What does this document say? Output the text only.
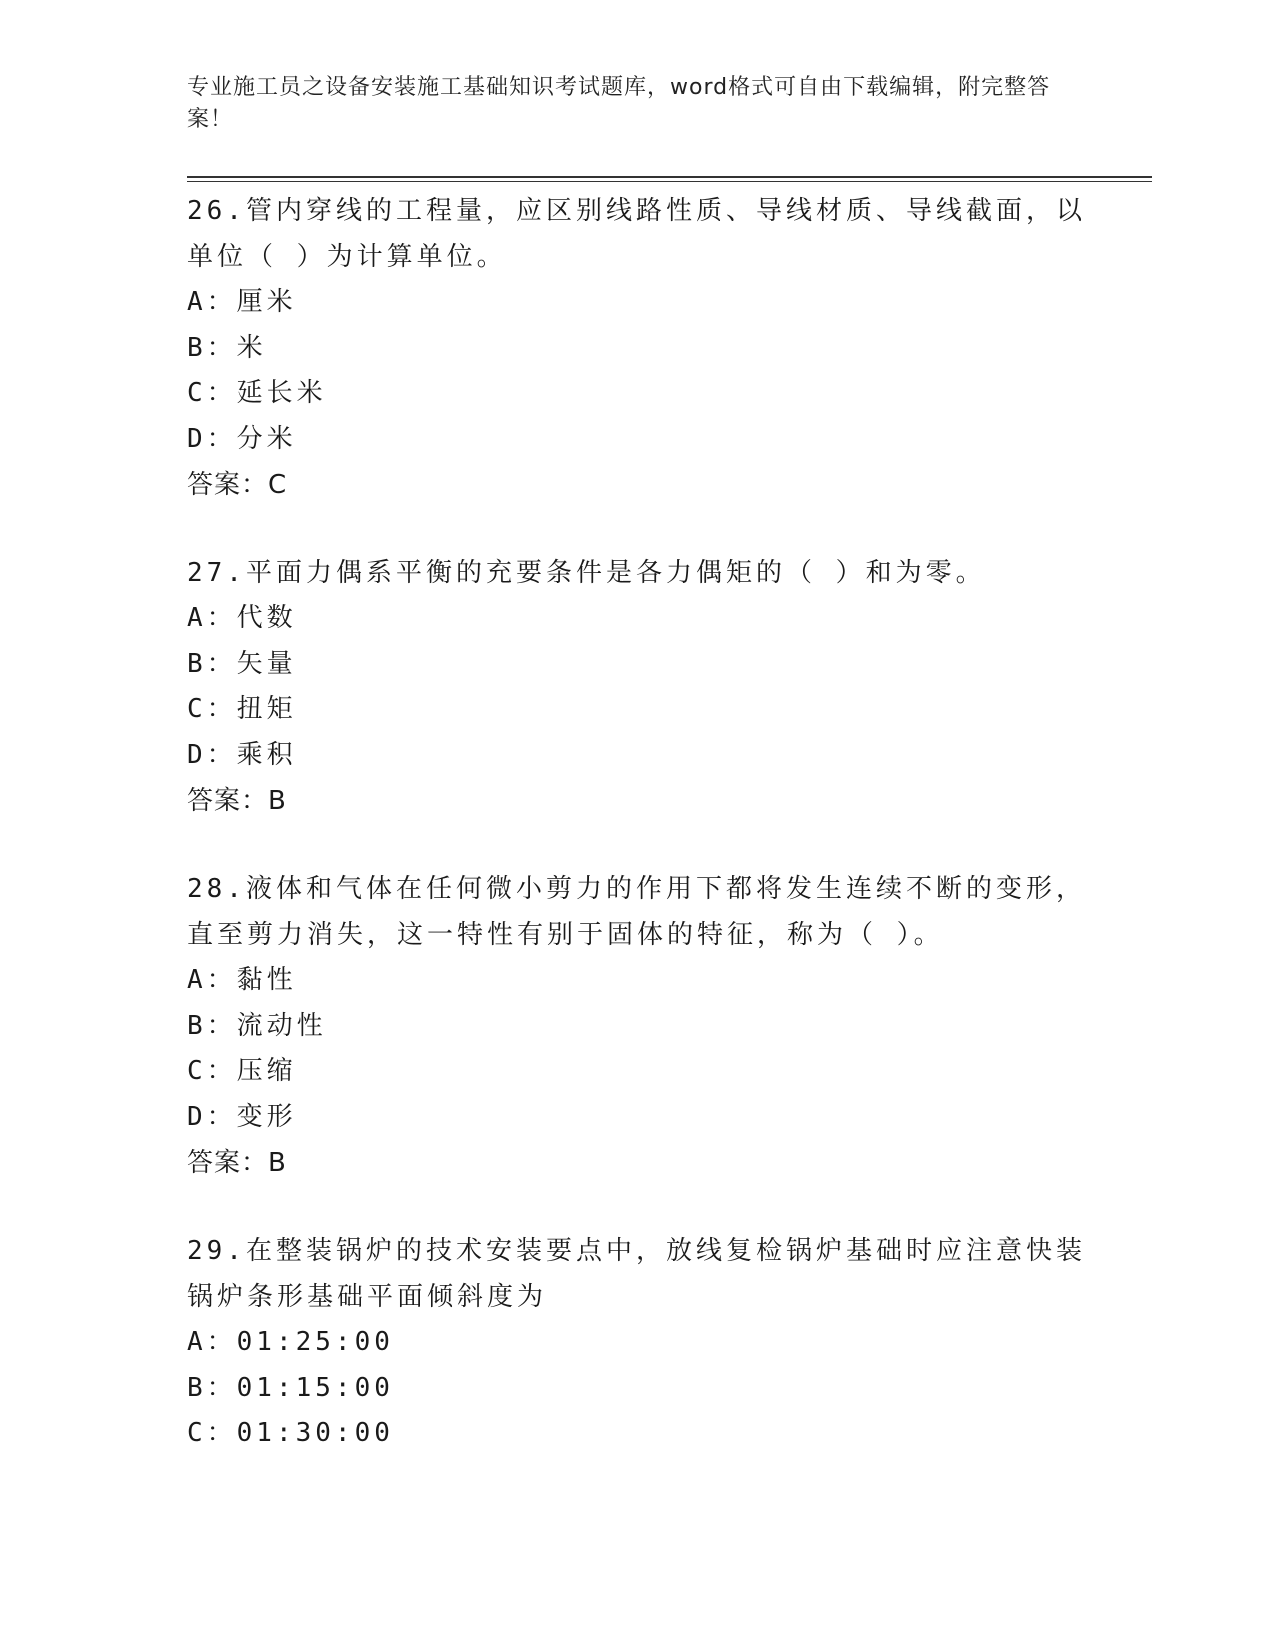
专业施工员之设备安装施工基础知识考试题库，word格式可自由下载编辑，附完整答案！

26.管内穿线的工程量，应区别线路性质、导线材质、导线截面，以单位（ ）为计算单位。

A：厘米

B：米

C：延长米

D：分米

答案：C

27.平面力偶系平衡的充要条件是各力偶矩的（ ）和为零。

A：代数

B：矢量

C：扭矩

D：乘积

答案：B

28.液体和气体在任何微小剪力的作用下都将发生连续不断的变形，直至剪力消失，这一特性有别于固体的特征，称为（ ）。

A：黏性

B：流动性

C：压缩

D：变形

答案：B

29.在整装锅炉的技术安装要点中，放线复检锅炉基础时应注意快装锅炉条形基础平面倾斜度为

A：01:25:00

B：01:15:00

C：01:30:00
